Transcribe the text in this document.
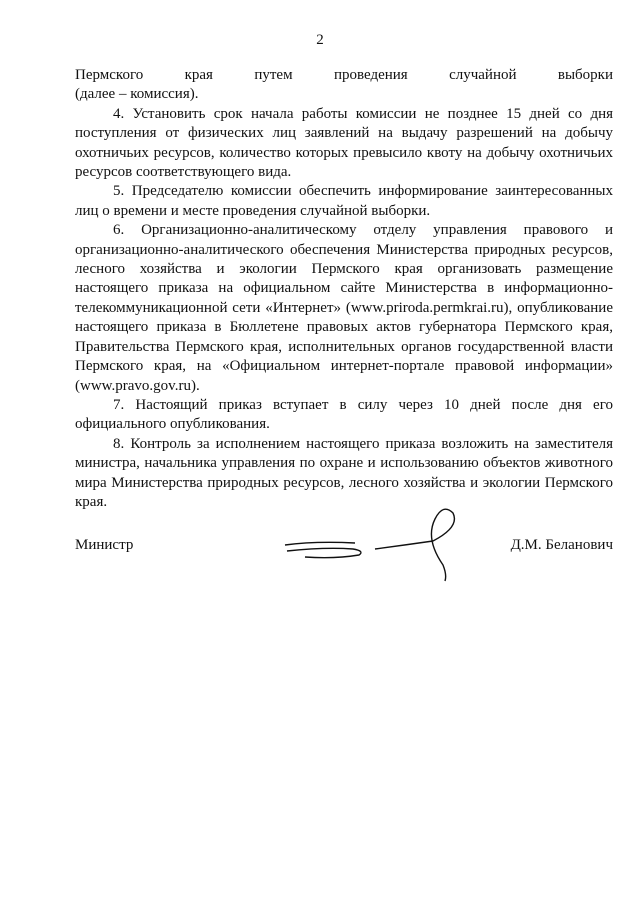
2

Пермского края путем проведения случайной выборки
(далее – комиссия).

4. Установить срок начала работы комиссии не позднее 15 дней со дня поступления от физических лиц заявлений на выдачу разрешений на добычу охотничьих ресурсов, количество которых превысило квоту на добычу охотничьих ресурсов соответствующего вида.

5. Председателю комиссии обеспечить информирование заинтересованных лиц о времени и месте проведения случайной выборки.

6. Организационно-аналитическому отделу управления правового и организационно-аналитического обеспечения Министерства природных ресурсов, лесного хозяйства и экологии Пермского края организовать размещение настоящего приказа на официальном сайте Министерства в информационно-телекоммуникационной сети «Интернет» (www.priroda.permkrai.ru), опубликование настоящего приказа в Бюллетене правовых актов губернатора Пермского края, Правительства Пермского края, исполнительных органов государственной власти Пермского края, на «Официальном интернет-портале правовой информации» (www.pravo.gov.ru).

7. Настоящий приказ вступает в силу через 10 дней после дня его официального опубликования.

8. Контроль за исполнением настоящего приказа возложить на заместителя министра, начальника управления по охране и использованию объектов животного мира Министерства природных ресурсов, лесного хозяйства и экологии Пермского края.

Министр	Д.М. Беланович
